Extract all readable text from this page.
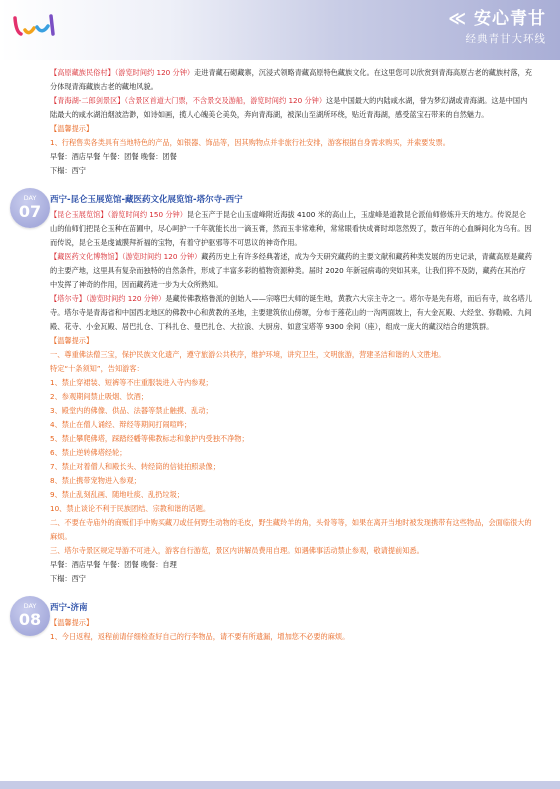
≪ 安心青甘
经典青甘大环线

【高原藏族民俗村】（游览时间约 120 分钟）走进青藏石砌藏寨，沉浸式领略青藏高原特色藏族文化。在这里您可以欣赏到青海高原古老的藏族村落，充分体现青海藏族古老的藏地风貌。

【青海湖-二郎剑景区】（含景区首道大门票，不含景交及游船，游览时间约 120 分钟）这是中国最大的内陆咸水湖，誉为梦幻湖或青海湖。这是中国内陆最大的咸水湖泊烟波浩渺，如诗如画，揽人心魄美仑美奂，奔向青海湖，被深山至湖所环绕，贴近青海湖，感受蓝宝石带来的自然魅力。

【温馨提示】

1、行程售卖各类具有当地特色的产品，如银器、饰品等，因其购物点并非旅行社安排，游客根据自身需求购买，并索要发票。

早餐：酒店早餐 午餐：团餐 晚餐：团餐

下榻：西宁

DAY
07

西宁-昆仑玉展览馆-藏医药文化展览馆-塔尔寺-西宁

【昆仑玉展览馆】（游览时间约 150 分钟）昆仑玉产于昆仑山玉虚峰附近海拔 4100 米的高山上，玉虚峰是道教昆仑派仙师修炼升天的地方。传说昆仑山的仙师们把昆仑玉种在苗圃中，尽心呵护一千年就能长出一滴玉膏，然而玉非常难种，常常眼看快成膏时却忽然毁了，数百年的心血瞬间化为乌有。因而传说，昆仑玉是虔诚膜拜祈福的宝物，有着守护驱邪等不可思议的神奇作用。

【藏医药文化博物馆】（游览时间约 120 分钟）藏药历史上有许多经典著述，成为今天研究藏药的主要文献和藏药种类发展的历史记录，青藏高原是藏药的主要产地，这里具有复杂而独特的自然条件，形成了丰富多彩的植物资源种类。届时 2020 年新冠病毒的突如其来，让我们猝不及防，藏药在其治疗中发挥了神奇的作用，因而藏药进一步为大众所熟知。

【塔尔寺】（游览时间约 120 分钟）是藏传佛教格鲁派的创始人——宗喀巴大师的诞生地，黄教六大宗主寺之一。塔尔寺是先有塔，而后有寺，故名塔儿寺。塔尔寺是青海省和中国西北地区的佛教中心和黄教的圣地，主要建筑依山傍塬，分布于莲花山的一沟两面坡上，有大金瓦殿、大经堂、弥勒殿、九间殿、花寺、小金瓦殿、居巴扎仓、丁科扎仓、曼巴扎仓、大拉浪、大厨房、如意宝塔等 9300 余间（座），组成一庞大的藏汉结合的建筑群。

【温馨提示】

一、尊重佛法僧三宝，保护民族文化遗产，遵守旅游公共秩序，维护环境，讲究卫生，文明旅游，营建圣洁和谐的人文胜地。

特定“十条须知”，告知游客：

1、禁止穿裙装、短裤等不庄重服装进入寺内参观；

2、参观期间禁止吸烟、饮酒；

3、殿堂内的佛像、供品、法器等禁止触摸、乱动；

4、禁止在僧人诵经、辩经等期间打闹喧哗；

5、禁止攀爬佛塔，踩踏经幡等佛教标志和象护内受独不净物；

6、禁止逆转佛塔经轮；

7、禁止对着僧人和殿长头、转经筒的信徒拍照录像；

8、禁止携带宠物进入参观；

9、禁止乱刻乱画、随地吐痰、乱扔垃圾；

10、禁止谈论不利于民族团结、宗教和谐的话题。

二、不要在寺庙外的商贩们手中购买藏刀或任何野生动物的毛皮，野生藏羚羊的角，头骨等等，如果在离开当地时被发现携带有这些物品，会面临很大的麻烦。

三、塔尔寺景区规定导游不可进入，游客自行游览，景区内讲解员费用自理。如遇佛事活动禁止参观，敬请提前知悉。

早餐：酒店早餐 午餐：团餐 晚餐：自理

下榻：西宁

DAY
08

西宁-济南

【温馨提示】

1、今日返程，返程前请仔细检查好自己的行李物品，请不要有所遗漏，增加您不必要的麻烦。
